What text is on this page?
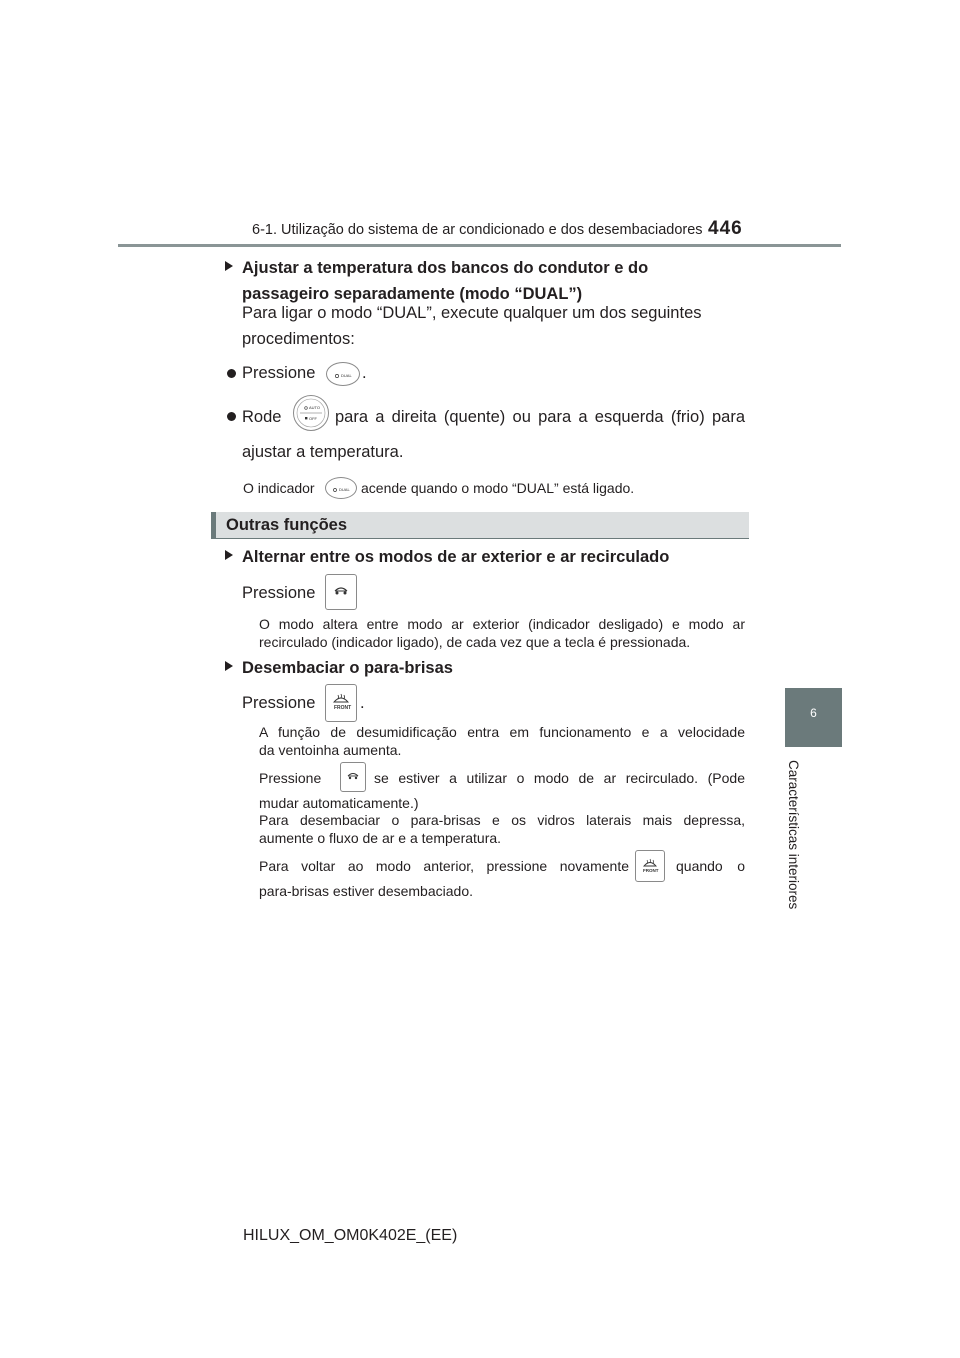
6-1. Utilização do sistema de ar condicionado e dos desembaciadores 446
6
Características interiores
Ajustar a temperatura dos bancos do condutor e do
passageiro separadamente (modo “DUAL”)
Para ligar o modo “DUAL”, execute qualquer um dos seguintes
procedimentos:
Pressione	DUAL .
Rode
AUTO
OFF para a direita (quente) ou para a esquerda (frio) para
ajustar a temperatura.
O indicador	DUAL acende quando o modo “DUAL” está ligado.
Outras funções
Alternar entre os modos de ar exterior e ar recirculado
Pressione
O modo altera entre modo ar exterior (indicador desligado) e modo ar
recirculado (indicador ligado), de cada vez que a tecla é pressionada.
Desembaciar o para-brisas
Pressione	FRONT .
A função de desumidificação entra em funcionamento e a velocidade
da ventoinha aumenta.
Pressione	se estiver a utilizar o modo de ar recirculado. (Pode
mudar automaticamente.)
Para desembaciar o para-brisas e os vidros laterais mais depressa,
aumente o fluxo de ar e a temperatura.
Para voltar ao modo anterior, pressione novamente	FRONT quando o
para-brisas estiver desembaciado.
HILUX_OM_OM0K402E_(EE)
